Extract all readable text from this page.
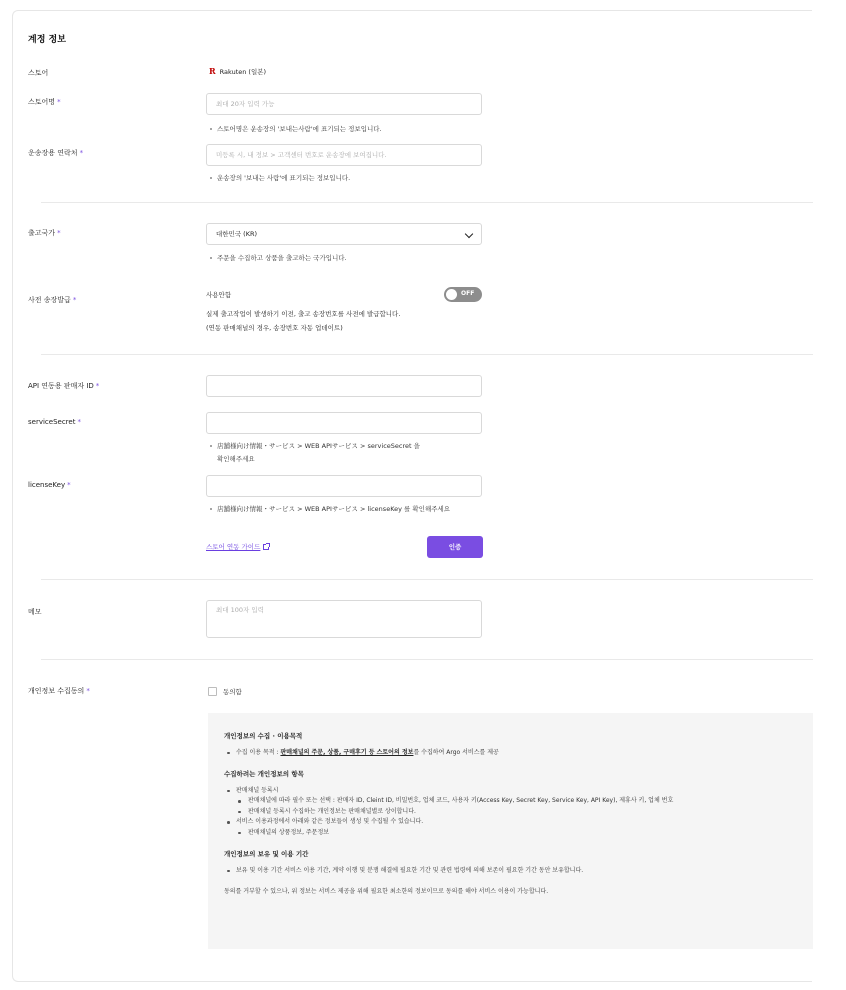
계정 정보
스토어	R Rakuten (일본)
스토어명 *	최대 20자 입력 가능
스토어명은 운송장의 '보내는사람'에 표기되는 정보입니다.
운송장용 연락처 *	미등록 시, 내 정보 > 고객센터 번호로 운송장에 보여집니다.
운송장의 '보내는 사람'에 표기되는 정보입니다.
출고국가 *	대한민국 (KR)
주문을 수집하고 상품을 출고하는 국가입니다.
사전 송장발급 *
사용안함	OFF
실제 출고작업이 발생하기 이전, 출고 송장번호를 사전에 발급합니다.
(연동 판매채널의 경우, 송장번호 자동 업데이트)
API 연동용 판매자 ID *
serviceSecret *
店舗様向け情報・サービス > WEB APIサービス > serviceSecret 을
확인해주세요
licenseKey *
店舗様向け情報・サービス > WEB APIサービス > licenseKey 를 확인해주세요
스토어 연동 가이드	인증
메모	최대 100자 입력
개인정보 수집동의 *	동의함
개인정보의 수집 · 이용목적
수집 이용 목적 : 판매채널의 주문, 상품, 구매후기 등 스토어의 정보를 수집하여 Argo 서비스를 제공
수집하려는 개인정보의 항목
판매채널 등록시
판매채널에 따라 필수 또는 선택 : 판매자 ID, Cleint ID, 비밀번호, 업체 코드, 사용자 키(Access Key, Secret Key, Service Key, API Key), 제휴사 키, 업체 번호
판매채널 등록시 수집하는 개인정보는 판매채널별로 상이합니다.
서비스 이용과정에서 아래와 같은 정보들이 생성 및 수집될 수 있습니다.
판매채널의 상품정보, 주문정보
개인정보의 보유 및 이용 기간
보유 및 이용 기간 서비스 이용 기간, 계약 이행 및 분쟁 해결에 필요한 기간 및 관련 법령에 의해 보존이 필요한 기간 동안 보유합니다.
동의를 거부할 수 있으나, 위 정보는 서비스 제공을 위해 필요한 최소한의 정보이므로 동의를 해야 서비스 이용이 가능합니다.
